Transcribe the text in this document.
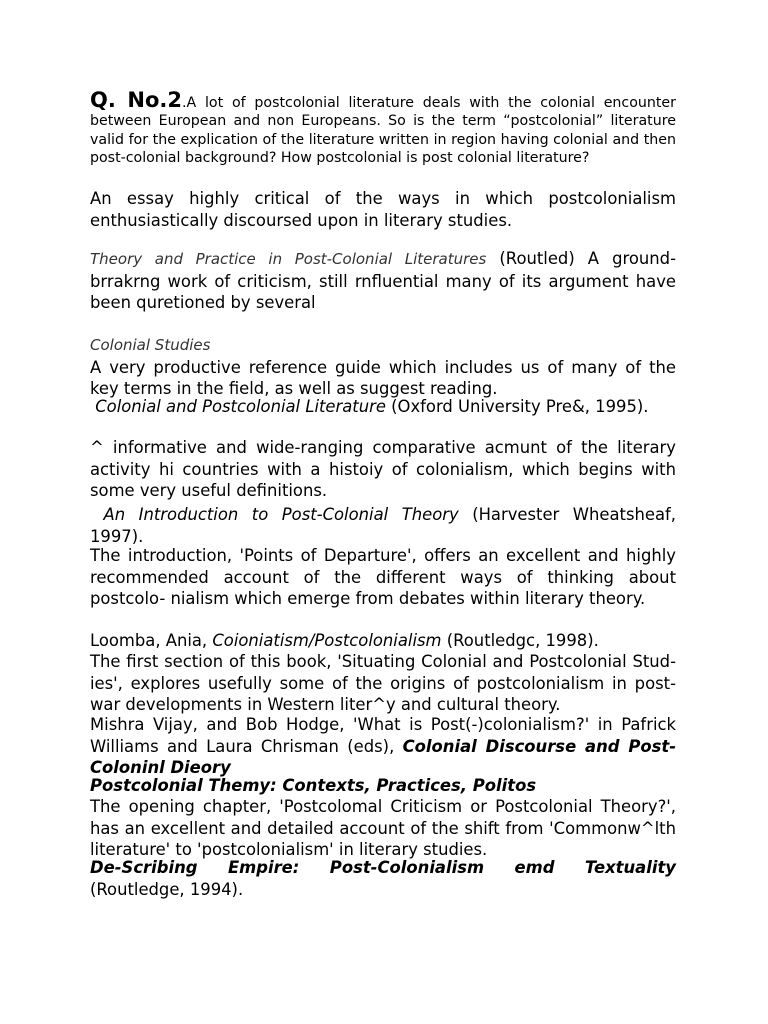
Q. No.2.A lot of postcolonial literature deals with the colonial encounter between European and non Europeans. So is the term “postcolonial” literature valid for the explication of the literature written in region having colonial and then post-colonial background? How postcolonial is post colonial literature?

An essay highly critical of the ways in which postcolonialism enthusiastically discoursed upon in literary studies.

Theory and Practice in Post-Colonial Literatures (Routled) A ground-brrakrng work of criticism, still rnfluential many of its argument have been quretioned by several

Colonial Studies
A very productive reference guide which includes us of many of the key terms in the field, as well as suggest reading.

Colonial and Postcolonial Literature (Oxford University Pre&, 1995).

^ informative and wide-ranging comparative acmunt of the literary activity hi countries with a histoiy of colonialism, which begins with some very useful definitions.

An Introduction to Post-Colonial Theory (Harvester Wheatsheaf, 1997).

The introduction, 'Points of Departure', offers an excellent and highly recommended account of the different ways of thinking about postcolo- nialism which emerge from debates within literary theory.

Loomba, Ania, Coioniatism/Postcolonialism (Routledgc, 1998).

The first section of this book, 'Situating Colonial and Postcolonial Stud- ies', explores usefully some of the origins of postcolonialism in post-war developments in Western liter^y and cultural theory.

Mishra Vijay, and Bob Hodge, 'What is Post(-)colonialism?' in Pafrick Williams and Laura Chrisman (eds), Colonial Discourse and Post-Coloninl Dieory

Postcolonial Themy: Contexts, Practices, Politos

The opening chapter, 'Postcolomal Criticism or Postcolonial Theory?', has an excellent and detailed account of the shift from 'Commonw^lth literature' to 'postcolonialism' in literary studies.

De-Scribing Empire: Post-Colonialism emd Textuality
(Routledge, 1994).
